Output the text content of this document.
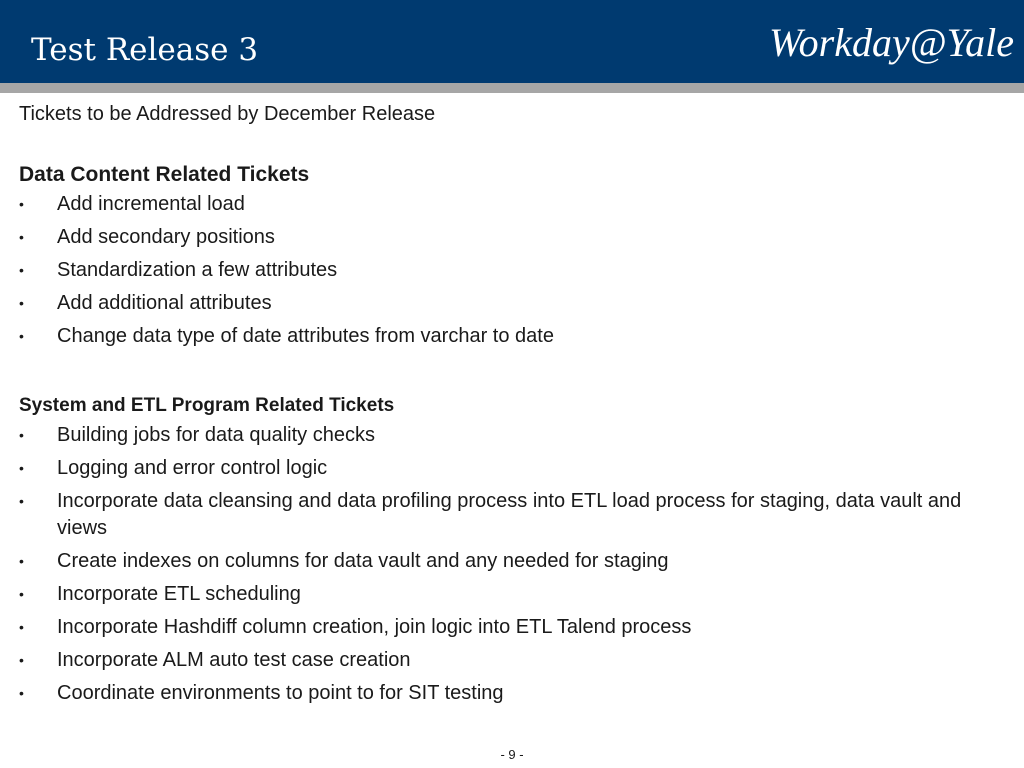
Test Release 3	Workday@Yale

Tickets to be Addressed by December Release

Data Content Related Tickets

• Add incremental load
• Add secondary positions
• Standardization a few attributes
• Add additional attributes
• Change data type of date attributes from varchar to date

System and ETL Program Related Tickets

• Building jobs for data quality checks
• Logging and error control logic
• Incorporate data cleansing and data profiling process into ETL load process for staging, data vault and views
• Create indexes on columns for data vault and any needed for staging
• Incorporate ETL scheduling
• Incorporate Hashdiff column creation, join logic into ETL Talend process
• Incorporate ALM auto test case creation
• Coordinate environments to point to for SIT testing
- 9 -
